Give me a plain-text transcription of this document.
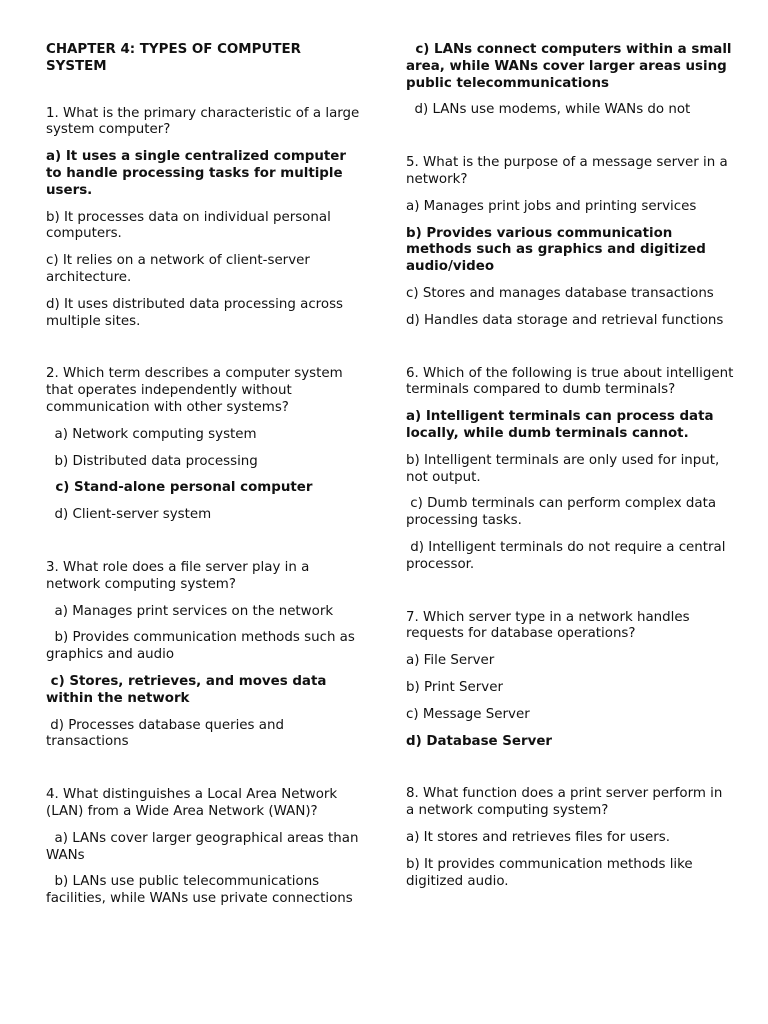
CHAPTER 4: TYPES OF COMPUTER SYSTEM
1. What is the primary characteristic of a large system computer?
a) It uses a single centralized computer to handle processing tasks for multiple users.
b) It processes data on individual personal computers.
c) It relies on a network of client-server architecture.
d) It uses distributed data processing across multiple sites.
2. Which term describes a computer system that operates independently without communication with other systems?
a) Network computing system
b) Distributed data processing
c) Stand-alone personal computer
d) Client-server system
3. What role does a file server play in a network computing system?
a) Manages print services on the network
b) Provides communication methods such as graphics and audio
c) Stores, retrieves, and moves data within the network
d) Processes database queries and transactions
4. What distinguishes a Local Area Network (LAN) from a Wide Area Network (WAN)?
a) LANs cover larger geographical areas than WANs
b) LANs use public telecommunications facilities, while WANs use private connections
c) LANs connect computers within a small area, while WANs cover larger areas using public telecommunications
d) LANs use modems, while WANs do not
5. What is the purpose of a message server in a network?
a) Manages print jobs and printing services
b) Provides various communication methods such as graphics and digitized audio/video
c) Stores and manages database transactions
d) Handles data storage and retrieval functions
6. Which of the following is true about intelligent terminals compared to dumb terminals?
a) Intelligent terminals can process data locally, while dumb terminals cannot.
b) Intelligent terminals are only used for input, not output.
c) Dumb terminals can perform complex data processing tasks.
d) Intelligent terminals do not require a central processor.
7. Which server type in a network handles requests for database operations?
a) File Server
b) Print Server
c) Message Server
d) Database Server
8. What function does a print server perform in a network computing system?
a) It stores and retrieves files for users.
b) It provides communication methods like digitized audio.
